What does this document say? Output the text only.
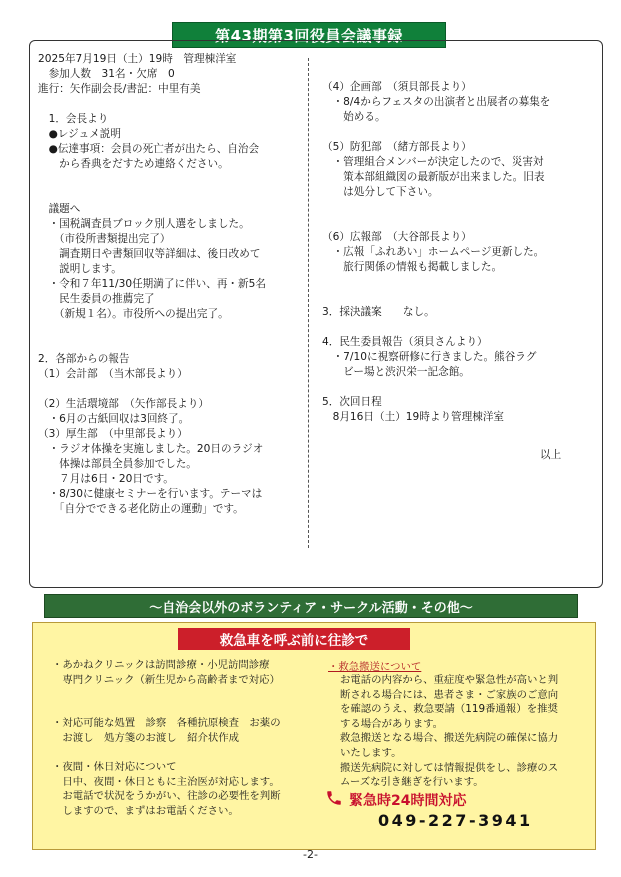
第43期第3回役員会議事録
2025年7月19日（土）19時　管理棟洋室
　参加人数　31名・欠席　0
進行：矢作副会長/書記：中里有美
　1．会長より
　●レジュメ説明
　●伝達事項：会員の死亡者が出たら、自治会
　　から香典をだすため連絡ください。
　議題へ
　・国税調査員ブロック別人選をしました。
　　（市役所書類提出完了）
　　調査期日や書類回収等詳細は、後日改めて
　　説明します。
　・令和７年11/30任期満了に伴い、再・新5名
　　民生委員の推薦完了
　　（新規１名）。市役所への提出完了。
2．各部からの報告
（1）会計部　（当木部長より）
（2）生活環境部　（矢作部長より）
　・6月の古紙回収は3回終了。
（3）厚生部　（中里部長より）
　・ラジオ体操を実施しました。20日のラジオ
　　体操は部員全員参加でした。
　　７月は6日・20日です。
　・8/30に健康セミナーを行います。テーマは
　　「自分でできる老化防止の運動」です。
（4）企画部　（須貝部長より）
　・8/4からフェスタの出演者と出展者の募集を
　　始める。
（5）防犯部　（緒方部長より）
　・管理組合メンバーが決定したので、災害対
　　策本部組織図の最新版が出来ました。旧表
　　は処分して下さい。
（6）広報部　（大谷部長より）
　・広報「ふれあい」ホームページ更新した。
　　旅行関係の情報も掲載しました。
3．採決議案　　なし。
4．民生委員報告（須貝さんより）
　・7/10に視察研修に行きました。熊谷ラグ
　　ビー場と渋沢栄一記念館。
5．次回日程
　8月16日（土）19時より管理棟洋室
以上
～自治会以外のボランティア・サークル活動・その他～
救急車を呼ぶ前に往診で
・あかねクリニックは訪問診療・小児訪問診療
　専門クリニック（新生児から高齢者まで対応）
・対応可能な処置　診察　各種抗原検査　お薬の
　お渡し　処方箋のお渡し　紹介状作成
・夜間・休日対応について
　日中、夜間・休日ともに主治医が対応します。
　お電話で状況をうかがい、往診の必要性を判断
　しますので、まずはお電話ください。
・救急搬送について
お電話の内容から、重症度や緊急性が高いと判
断される場合には、患者さま・ご家族のご意向
を確認のうえ、救急要請（119番通報）を推奨
する場合があります。
救急搬送となる場合、搬送先病院の確保に協力
いたします。
搬送先病院に対しては情報提供をし、診療のス
ムーズな引き継ぎを行います。
緊急時24時間対応
049-227-3941
-2-
